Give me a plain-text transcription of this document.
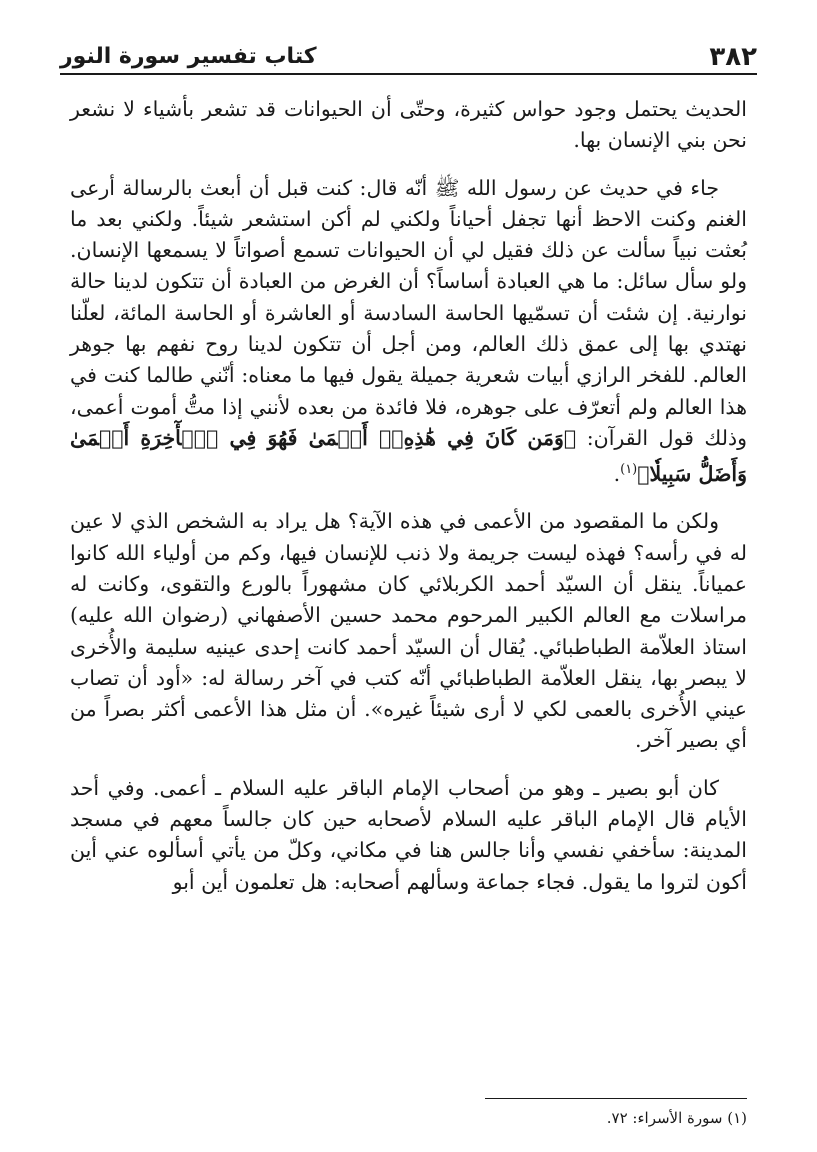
٣٨٢
كتاب تفسير سورة النور

الحديث يحتمل وجود حواس كثيرة، وحتّى أن الحيوانات قد تشعر بأشياء لا نشعر نحن بني الإنسان بها.

جاء في حديث عن رسول الله ﷺ أنّه قال: كنت قبل أن أبعث بالرسالة أرعى الغنم وكنت الاحظ أنها تجفل أحياناً ولكني لم أكن استشعر شيئاً. ولكني بعد ما بُعثت نبياً سألت عن ذلك فقيل لي أن الحيوانات تسمع أصواتاً لا يسمعها الإنسان. ولو سأل سائل: ما هي العبادة أساساً؟ أن الغرض من العبادة أن تتكون لدينا حالة نوارنية. إن شئت أن تسمّيها الحاسة السادسة أو العاشرة أو الحاسة المائة، لعلّنا نهتدي بها إلى عمق ذلك العالم، ومن أجل أن تتكون لدينا روح نفهم بها جوهر العالم. للفخر الرازي أبيات شعرية جميلة يقول فيها ما معناه: أنّني طالما كنت في هذا العالم ولم أتعرّف على جوهره، فلا فائدة من بعده لأنني إذا متُّ أموت أعمى، وذلك قول القرآن: ﴿وَمَن كَانَ فِي هَٰذِهِۦٓ أَعۡمَىٰ فَهُوَ فِي ٱلۡأٓخِرَةِ أَعۡمَىٰ وَأَضَلُّ سَبِيلٗا﴾$^{(١)}$.

ولكن ما المقصود من الأعمى في هذه الآية؟ هل يراد به الشخص الذي لا عين له في رأسه؟ فهذه ليست جريمة ولا ذنب للإنسان فيها، وكم من أولياء الله كانوا عمياناً. ينقل أن السيّد أحمد الكربلائي كان مشهوراً بالورع والتقوى، وكانت له مراسلات مع العالم الكبير المرحوم محمد حسين الأصفهاني (رضوان الله عليه) استاذ العلاّمة الطباطبائي. يُقال أن السيّد أحمد كانت إحدى عينيه سليمة والأُخرى لا يبصر بها، ينقل العلاّمة الطباطبائي أنّه كتب في آخر رسالة له: «أود أن تصاب عيني الأُخرى بالعمى لكي لا أرى شيئاً غيره». أن مثل هذا الأعمى أكثر بصراً من أي بصير آخر.

كان أبو بصير ـ وهو من أصحاب الإمام الباقر عليه السلام ـ أعمى. وفي أحد الأيام قال الإمام الباقر عليه السلام لأصحابه حين كان جالساً معهم في مسجد المدينة: سأخفي نفسي وأنا جالس هنا في مكاني، وكلّ من يأتي أسألوه عني أين أكون لتروا ما يقول. فجاء جماعة وسألهم أصحابه: هل تعلمون أين أبو

(١) سورة الأسراء: ٧٢.
